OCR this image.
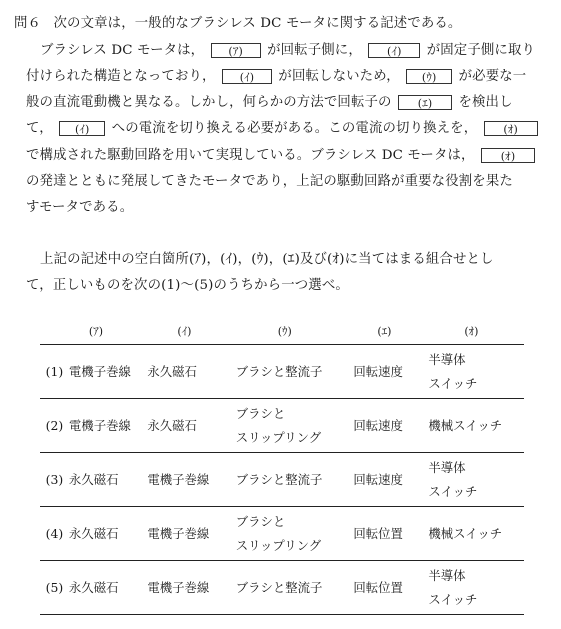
問６ 次の文章は，一般的なブラシレス DC モータに関する記述である。
ブラシレス DC モータは， (ｱ) が回転子側に， (ｲ) が固定子側に取り
付けられた構造となっており， (ｲ) が回転しないため， (ｳ) が必要な一
般の直流電動機と異なる。しかし，何らかの方法で回転子の (ｴ) を検出し
て， (ｲ) への電流を切り換える必要がある。この電流の切り換えを， (ｵ)
で構成された駆動回路を用いて実現している。ブラシレス DC モータは， (ｵ)
の発達とともに発展してきたモータであり，上記の駆動回路が重要な役割を果た
すモータである。
上記の記述中の空白箇所(ｱ)，(ｲ)，(ｳ)，(ｴ)及び(ｵ)に当てはまる組合せとし
て，正しいものを次の(1)～(5)のうちから一つ選べ。
	(ｱ)	(ｲ)	(ｳ)	(ｴ)	(ｵ)
(1)	電機子巻線	永久磁石	ブラシと整流子	回転速度	半導体
スイッチ

(2)	電機子巻線	永久磁石	ブラシと
スリップリング	回転速度	機械スイッチ

(3)	永久磁石	電機子巻線	ブラシと整流子	回転速度	半導体
スイッチ

(4)	永久磁石	電機子巻線	ブラシと
スリップリング	回転位置	機械スイッチ

(5)	永久磁石	電機子巻線	ブラシと整流子	回転位置	半導体
スイッチ
